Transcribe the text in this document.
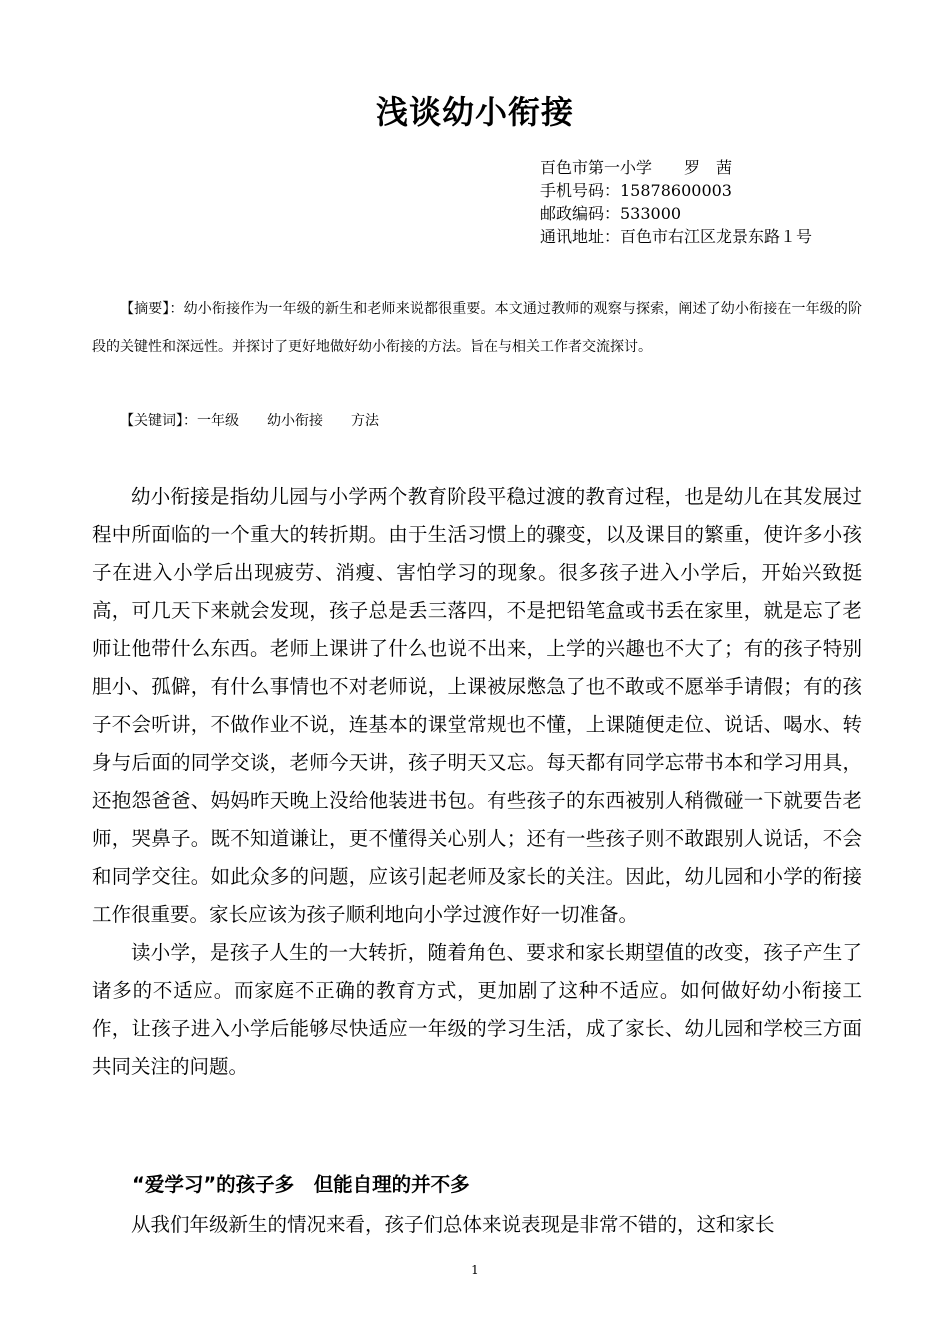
浅谈幼小衔接
百色市第一小学　　罗　茜
手机号码：15878600003
邮政编码：533000
通讯地址：百色市右江区龙景东路１号
【摘要】：幼小衔接作为一年级的新生和老师来说都很重要。本文通过教师的观察与探索，阐述了幼小衔接在一年级的阶段的关键性和深远性。并探讨了更好地做好幼小衔接的方法。旨在与相关工作者交流探讨。
【关键词】：一年级　　幼小衔接　　方法

幼小衔接是指幼儿园与小学两个教育阶段平稳过渡的教育过程，也是幼儿在其发展过程中所面临的一个重大的转折期。由于生活习惯上的骤变，以及课目的繁重，使许多小孩子在进入小学后出现疲劳、消瘦、害怕学习的现象。很多孩子进入小学后，开始兴致挺高，可几天下来就会发现，孩子总是丢三落四，不是把铅笔盒或书丢在家里，就是忘了老师让他带什么东西。老师上课讲了什么也说不出来，上学的兴趣也不大了；有的孩子特别胆小、孤僻，有什么事情也不对老师说，上课被尿憋急了也不敢或不愿举手请假；有的孩子不会听讲，不做作业不说，连基本的课堂常规也不懂，上课随便走位、说话、喝水、转身与后面的同学交谈，老师今天讲，孩子明天又忘。每天都有同学忘带书本和学习用具，还抱怨爸爸、妈妈昨天晚上没给他装进书包。有些孩子的东西被别人稍微碰一下就要告老师，哭鼻子。既不知道谦让，更不懂得关心别人；还有一些孩子则不敢跟别人说话，不会和同学交往。如此众多的问题，应该引起老师及家长的关注。因此，幼儿园和小学的衔接工作很重要。家长应该为孩子顺利地向小学过渡作好一切准备。

读小学，是孩子人生的一大转折，随着角色、要求和家长期望值的改变，孩子产生了诸多的不适应。而家庭不正确的教育方式，更加剧了这种不适应。如何做好幼小衔接工作，让孩子进入小学后能够尽快适应一年级的学习生活，成了家长、幼儿园和学校三方面共同关注的问题。

“爱学习”的孩子多　但能自理的并不多

从我们年级新生的情况来看，孩子们总体来说表现是非常不错的，这和家长

1
